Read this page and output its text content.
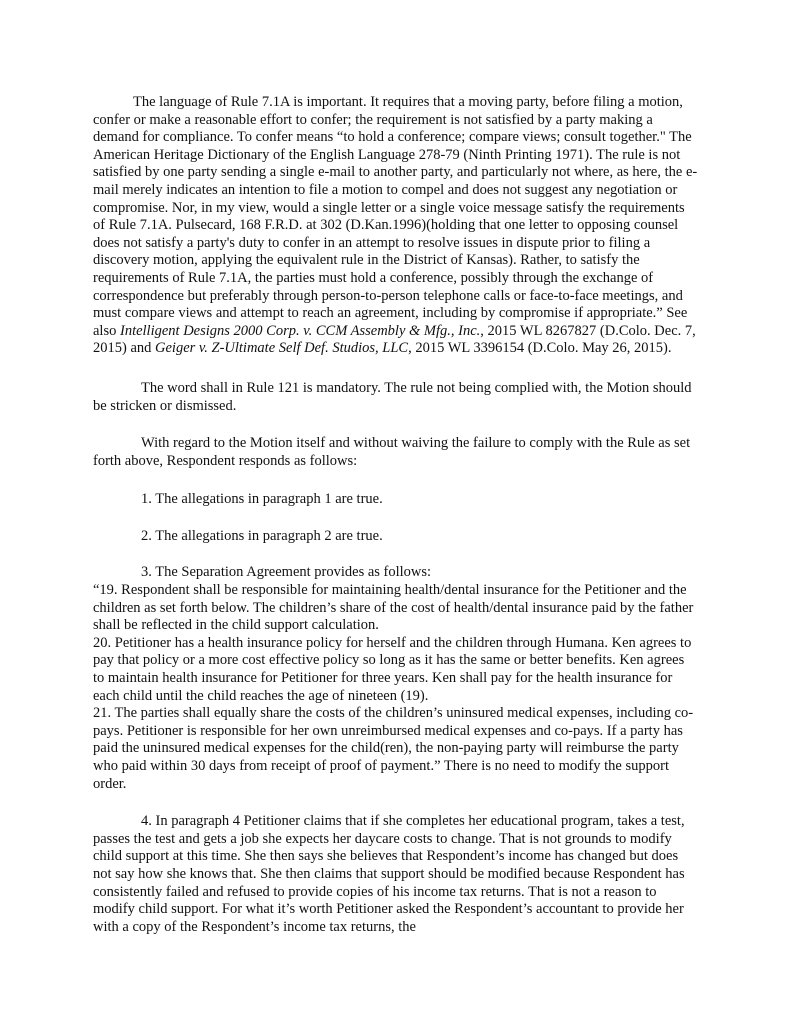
The language of Rule 7.1A is important. It requires that a moving party, before filing a motion, confer or make a reasonable effort to confer; the requirement is not satisfied by a party making a demand for compliance. To confer means “to hold a conference; compare views; consult together." The American Heritage Dictionary of the English Language 278-79 (Ninth Printing 1971). The rule is not satisfied by one party sending a single e-mail to another party, and particularly not where, as here, the e-mail merely indicates an intention to file a motion to compel and does not suggest any negotiation or compromise. Nor, in my view, would a single letter or a single voice message satisfy the requirements of Rule 7.1A. Pulsecard, 168 F.R.D. at 302 (D.Kan.1996)(holding that one letter to opposing counsel does not satisfy a party's duty to confer in an attempt to resolve issues in dispute prior to filing a discovery motion, applying the equivalent rule in the District of Kansas). Rather, to satisfy the requirements of Rule 7.1A, the parties must hold a conference, possibly through the exchange of correspondence but preferably through person-to-person telephone calls or face-to-face meetings, and must compare views and attempt to reach an agreement, including by compromise if appropriate.” See also Intelligent Designs 2000 Corp. v. CCM Assembly & Mfg., Inc., 2015 WL 8267827 (D.Colo. Dec. 7, 2015) and Geiger v. Z-Ultimate Self Def. Studios, LLC, 2015 WL 3396154 (D.Colo. May 26, 2015).

The word shall in Rule 121 is mandatory. The rule not being complied with, the Motion should be stricken or dismissed.

With regard to the Motion itself and without waiving the failure to comply with the Rule as set forth above, Respondent responds as follows:

1. The allegations in paragraph 1 are true.

2. The allegations in paragraph 2 are true.

3. The Separation Agreement provides as follows:

“19. Respondent shall be responsible for maintaining health/dental insurance for the Petitioner and the children as set forth below. The children’s share of the cost of health/dental insurance paid by the father shall be reflected in the child support calculation.

20. Petitioner has a health insurance policy for herself and the children through Humana. Ken agrees to pay that policy or a more cost effective policy so long as it has the same or better benefits. Ken agrees to maintain health insurance for Petitioner for three years. Ken shall pay for the health insurance for each child until the child reaches the age of nineteen (19).

21. The parties shall equally share the costs of the children’s uninsured medical expenses, including co-pays. Petitioner is responsible for her own unreimbursed medical expenses and co-pays. If a party has paid the uninsured medical expenses for the child(ren), the non-paying party will reimburse the party who paid within 30 days from receipt of proof of payment.” There is no need to modify the support order.

4. In paragraph 4 Petitioner claims that if she completes her educational program, takes a test, passes the test and gets a job she expects her daycare costs to change. That is not grounds to modify child support at this time. She then says she believes that Respondent’s income has changed but does not say how she knows that. She then claims that support should be modified because Respondent has consistently failed and refused to provide copies of his income tax returns. That is not a reason to modify child support. For what it’s worth Petitioner asked the Respondent’s accountant to provide her with a copy of the Respondent’s income tax returns, the
